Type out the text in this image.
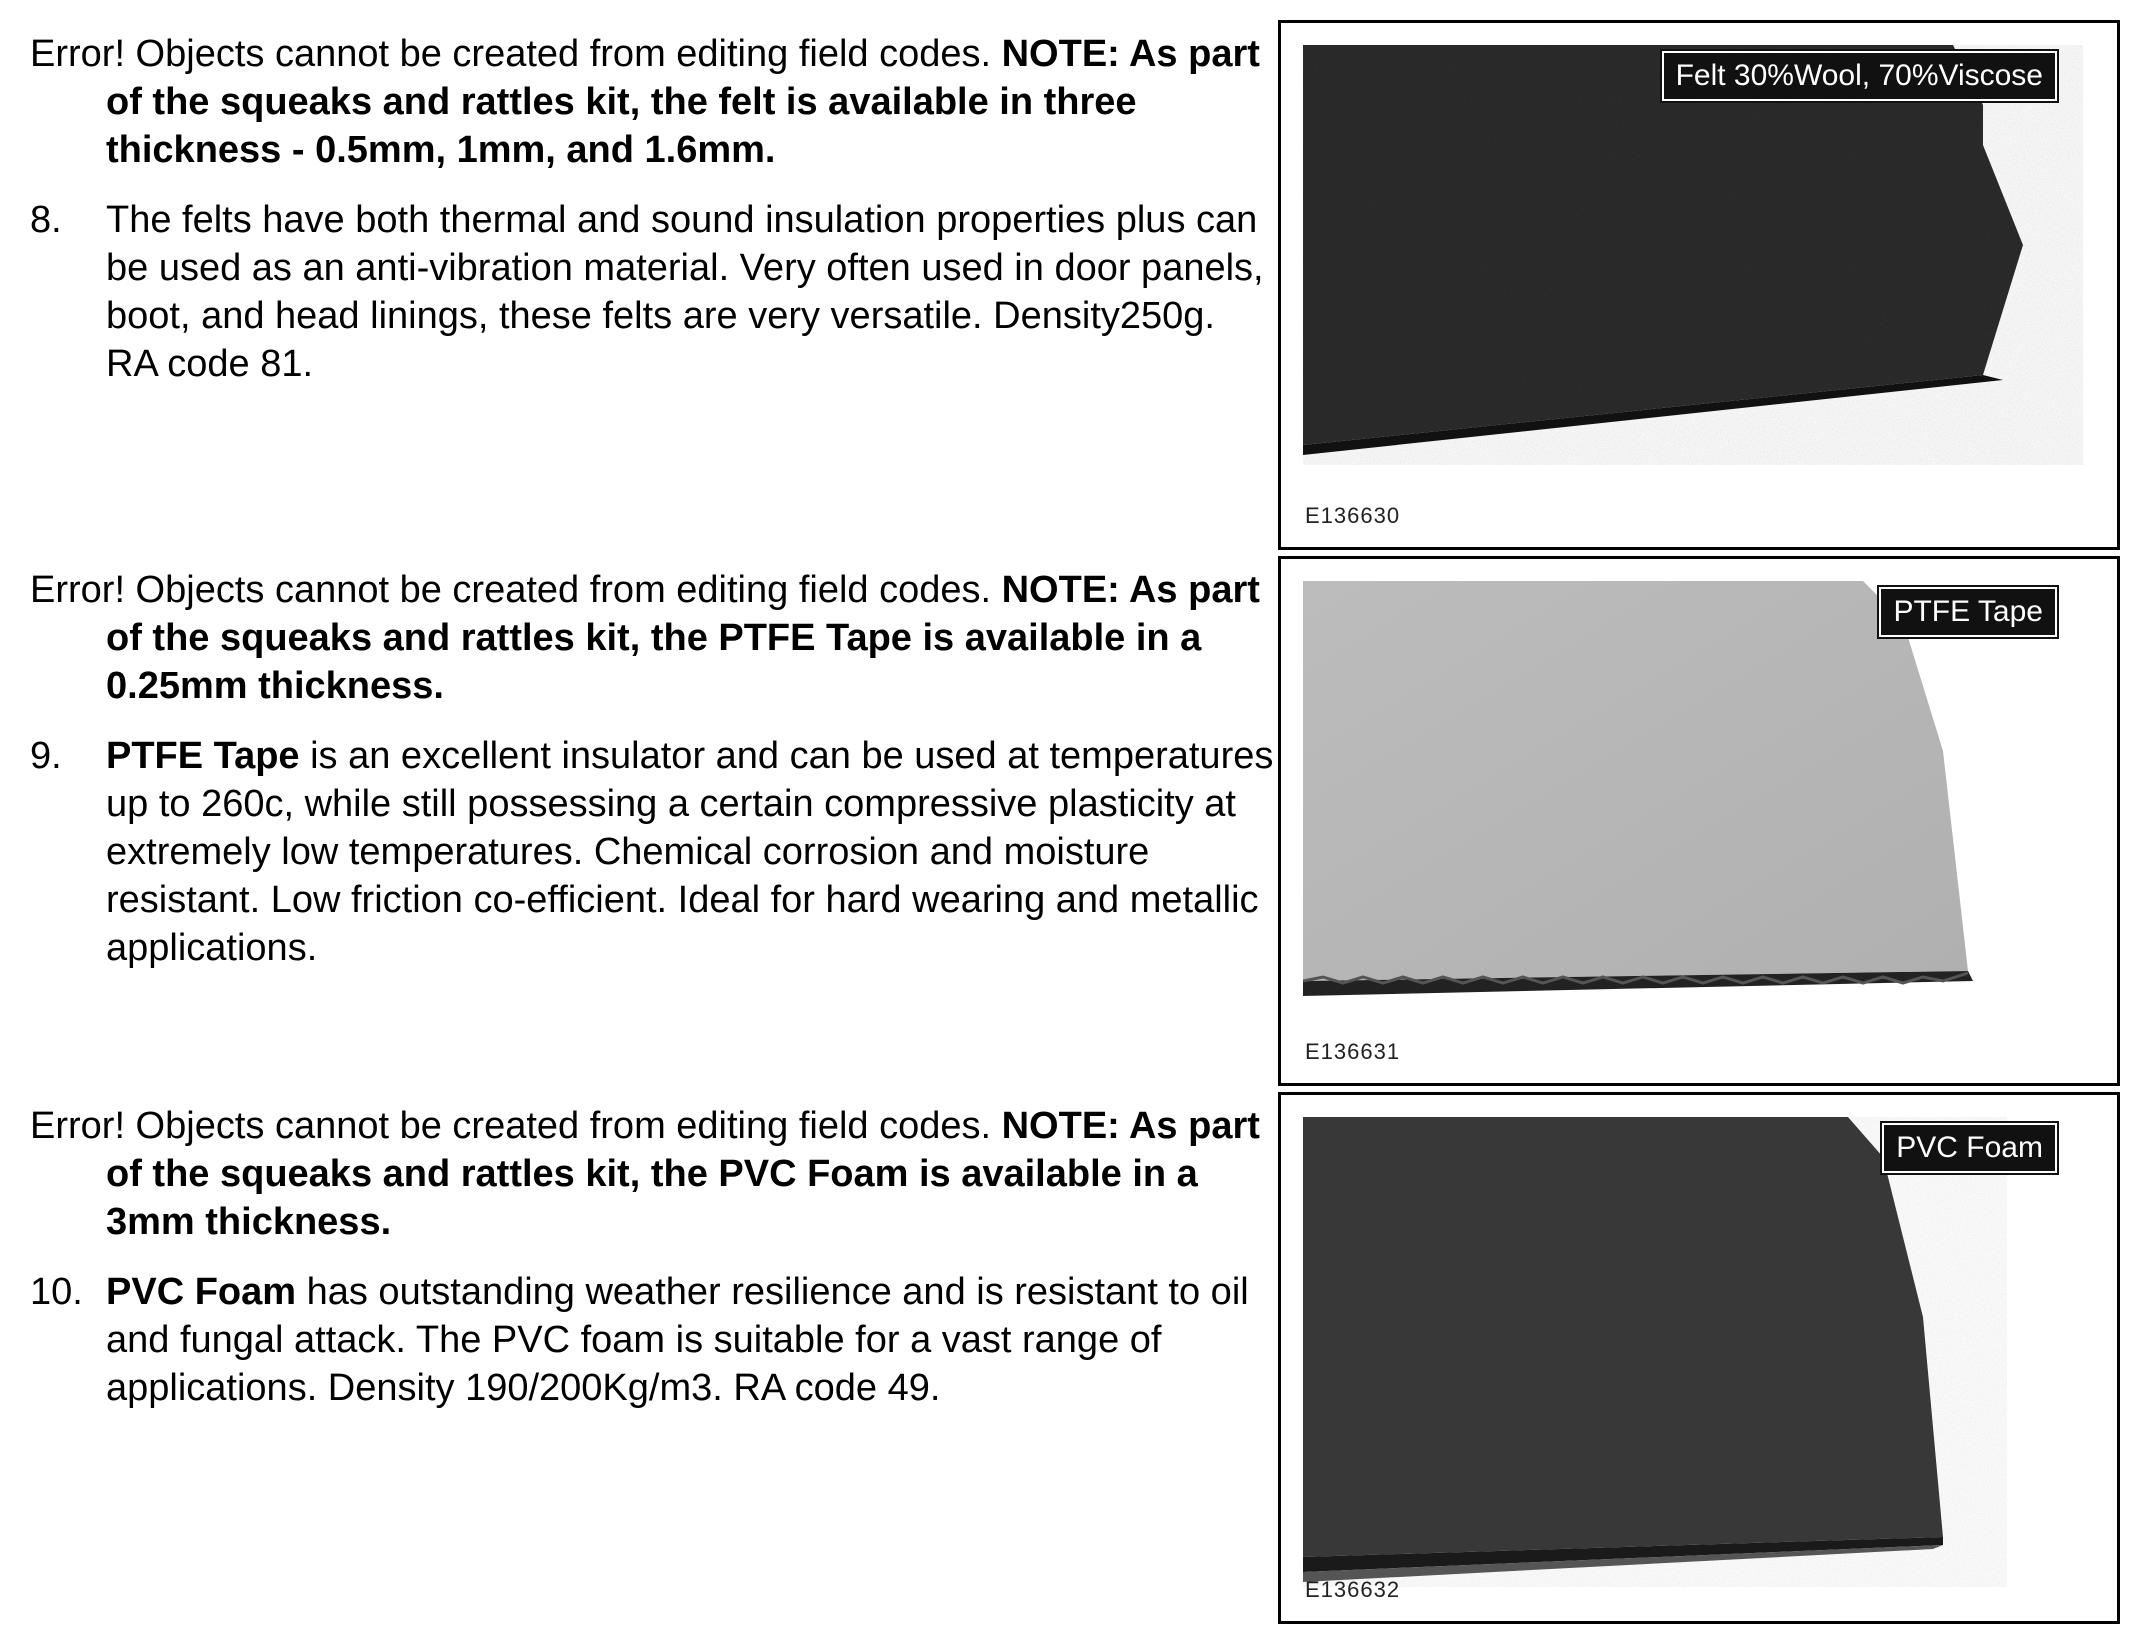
Error! Objects cannot be created from editing field codes. NOTE: As part of the squeaks and rattles kit, the felt is available in three thickness - 0.5mm, 1mm, and 1.6mm.

8. The felts have both thermal and sound insulation properties plus can be used as an anti-vibration material. Very often used in door panels, boot, and head linings, these felts are very versatile. Density250g. RA code 81.

Error! Objects cannot be created from editing field codes. NOTE: As part of the squeaks and rattles kit, the PTFE Tape is available in a 0.25mm thickness.

9. PTFE Tape is an excellent insulator and can be used at temperatures up to 260c, while still possessing a certain compressive plasticity at extremely low temperatures. Chemical corrosion and moisture resistant. Low friction co-efficient. Ideal for hard wearing and metallic applications.

Error! Objects cannot be created from editing field codes. NOTE: As part of the squeaks and rattles kit, the PVC Foam is available in a 3mm thickness.

10. PVC Foam has outstanding weather resilience and is resistant to oil and fungal attack. The PVC foam is suitable for a vast range of applications. Density 190/200Kg/m3. RA code 49.
Felt 30%Wool, 70%Viscose
E136630
PTFE Tape
E136631
PVC Foam
E136632
